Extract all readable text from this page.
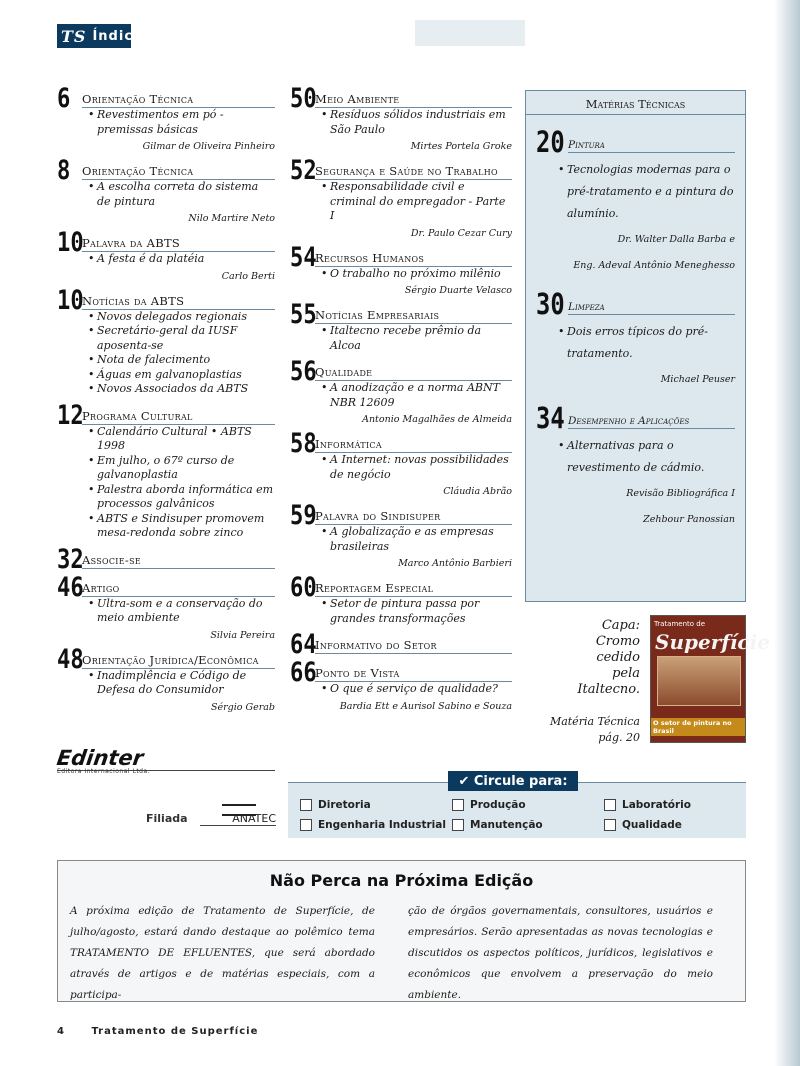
TS Índice
6 Orientação Técnica
• Revestimentos em pó - premissas básicas
Gilmar de Oliveira Pinheiro
8 Orientação Técnica
• A escolha correta do sistema de pintura
Nilo Martire Neto
10
Palavra da ABTS
• A festa é da platéia
Carlo Berti
10
Notícias da ABTS
• Novos delegados regionais
• Secretário-geral da IUSF aposenta-se
• Nota de falecimento
• Águas em galvanoplastias
• Novos Associados da ABTS
12
Programa Cultural
• Calendário Cultural • ABTS 1998
• Em julho, o 67º curso de galvanoplastia
• Palestra aborda informática em processos galvânicos
• ABTS e Sindisuper promovem mesa-redonda sobre zinco
32
Associe-se
46
Artigo
• Ultra-som e a conservação do meio ambiente
Silvia Pereira
48
Orientação Jurídica/Econômica
• Inadimplência e Código de Defesa do Consumidor
Sérgio Gerab
50
Meio Ambiente
• Resíduos sólidos industriais em São Paulo
Mirtes Portela Groke
52
Segurança e Saúde no Trabalho
• Responsabilidade civil e criminal do empregador - Parte I
Dr. Paulo Cezar Cury
54
Recursos Humanos
• O trabalho no próximo milênio
Sérgio Duarte Velasco
55
Notícias Empresariais
• Italtecno recebe prêmio da Alcoa
56
Qualidade
• A anodização e a norma ABNT NBR 12609
Antonio Magalhães de Almeida
58
Informática
• A Internet: novas possibilidades de negócio
Cláudia Abrão
59
Palavra do Sindisuper
• A globalização e as empresas brasileiras
Marco Antônio Barbieri
60
Reportagem Especial
• Setor de pintura passa por grandes transformações
64
Informativo do Setor
66
Ponto de Vista
• O que é serviço de qualidade?
Bardia Ett e Aurisol Sabino e Souza
Matérias Técnicas
20 Pintura
• Tecnologias modernas para o pré-tratamento e a pintura do alumínio.
Dr. Walter Dalla Barba e
Eng. Adeval Antônio Meneghesso
30 Limpeza
• Dois erros típicos do pré-tratamento.
Michael Peuser
34 Desempenho e Aplicações
• Alternativas para o revestimento de cádmio.
Revisão Bibliográfica I
Zehbour Panossian
Capa:
Cromo
cedido
pela
Italtecno.
Matéria Técnica
pág. 20
Tratamento de
Superfície
O setor de pintura no Brasil
Edinter
Editora Internacional Ltda.
Filiada	ANATEC
✔ Circule para:
Diretoria
Engenharia Industrial
Produção
Manutenção
Laboratório
Qualidade
Não Perca na Próxima Edição
A próxima edição de Tratamento de Superfície, de julho/agosto, estará dando destaque ao polêmico tema TRATAMENTO DE EFLUENTES, que será abordado através de artigos e de matérias especiais, com a participa-
ção de órgãos governamentais, consultores, usuários e empresários. Serão apresentadas as novas tecnologias e discutidos os aspectos políticos, jurídicos, legislativos e econômicos que envolvem a preservação do meio ambiente.
4	Tratamento de Superfície
